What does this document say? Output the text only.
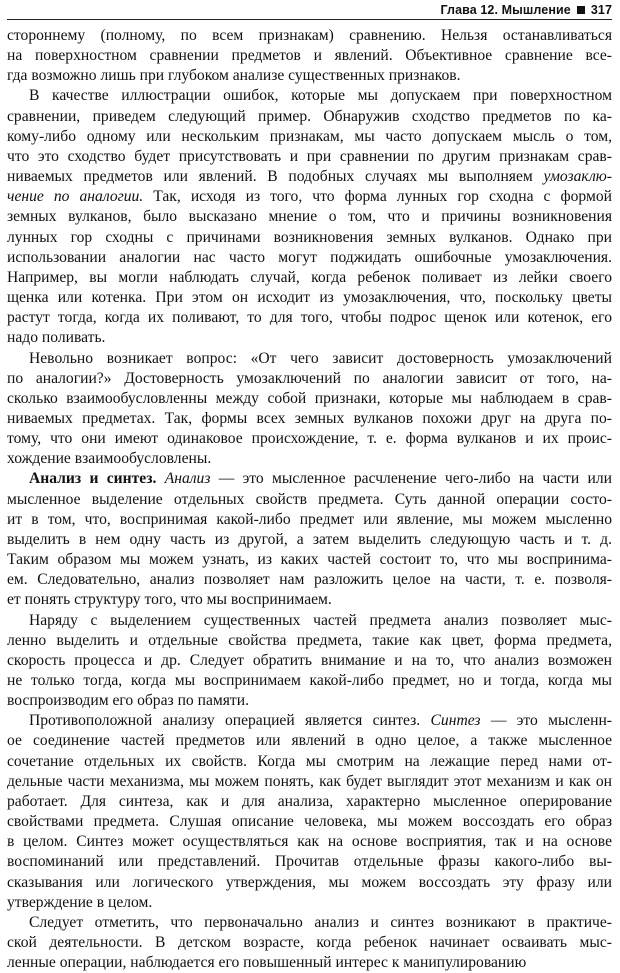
Глава 12. Мышление 317

стороннему (полному, по всем признакам) сравнению. Нельзя останавливаться
на поверхностном сравнении предметов и явлений. Объективное сравнение все-
гда возможно лишь при глубоком анализе существенных признаков.

В качестве иллюстрации ошибок, которые мы допускаем при поверхностном
сравнении, приведем следующий пример. Обнаружив сходство предметов по ка-
кому-либо одному или нескольким признакам, мы часто допускаем мысль о том,
что это сходство будет присутствовать и при сравнении по другим признакам срав-
ниваемых предметов или явлений. В подобных случаях мы выполняем умозаклю-
чение по аналогии. Так, исходя из того, что форма лунных гор сходна с формой
земных вулканов, было высказано мнение о том, что и причины возникновения
лунных гор сходны с причинами возникновения земных вулканов. Однако при
использовании аналогии нас часто могут поджидать ошибочные умозаключения.
Например, вы могли наблюдать случай, когда ребенок поливает из лейки своего
щенка или котенка. При этом он исходит из умозаключения, что, поскольку цветы
растут тогда, когда их поливают, то для того, чтобы подрос щенок или котенок, его
надо поливать.

Невольно возникает вопрос: «От чего зависит достоверность умозаключений
по аналогии?» Достоверность умозаключений по аналогии зависит от того, на-
сколько взаимообусловленны между собой признаки, которые мы наблюдаем в срав-
ниваемых предметах. Так, формы всех земных вулканов похожи друг на друга по-
тому, что они имеют одинаковое происхождение, т. е. форма вулканов и их проис-
хождение взаимообусловлены.

Анализ и синтез. Анализ — это мысленное расчленение чего-либо на части или
мысленное выделение отдельных свойств предмета. Суть данной операции состо-
ит в том, что, воспринимая какой-либо предмет или явление, мы можем мысленно
выделить в нем одну часть из другой, а затем выделить следующую часть и т. д.
Таким образом мы можем узнать, из каких частей состоит то, что мы воспринима-
ем. Следовательно, анализ позволяет нам разложить целое на части, т. е. позволя-
ет понять структуру того, что мы воспринимаем.

Наряду с выделением существенных частей предмета анализ позволяет мыс-
ленно выделить и отдельные свойства предмета, такие как цвет, форма предмета,
скорость процесса и др. Следует обратить внимание и на то, что анализ возможен
не только тогда, когда мы воспринимаем какой-либо предмет, но и тогда, когда мы
воспроизводим его образ по памяти.

Противоположной анализу операцией является синтез. Синтез — это мысленн-
ое соединение частей предметов или явлений в одно целое, а также мысленное
сочетание отдельных их свойств. Когда мы смотрим на лежащие перед нами от-
дельные части механизма, мы можем понять, как будет выглядит этот механизм и как он
работает. Для синтеза, как и для анализа, характерно мысленное оперирование
свойствами предмета. Слушая описание человека, мы можем воссоздать его образ
в целом. Синтез может осуществляться как на основе восприятия, так и на основе
воспоминаний или представлений. Прочитав отдельные фразы какого-либо вы-
сказывания или логического утверждения, мы можем воссоздать эту фразу или
утверждение в целом.

Следует отметить, что первоначально анализ и синтез возникают в практиче-
ской деятельности. В детском возрасте, когда ребенок начинает осваивать мыс-
ленные операции, наблюдается его повышенный интерес к манипулированию
